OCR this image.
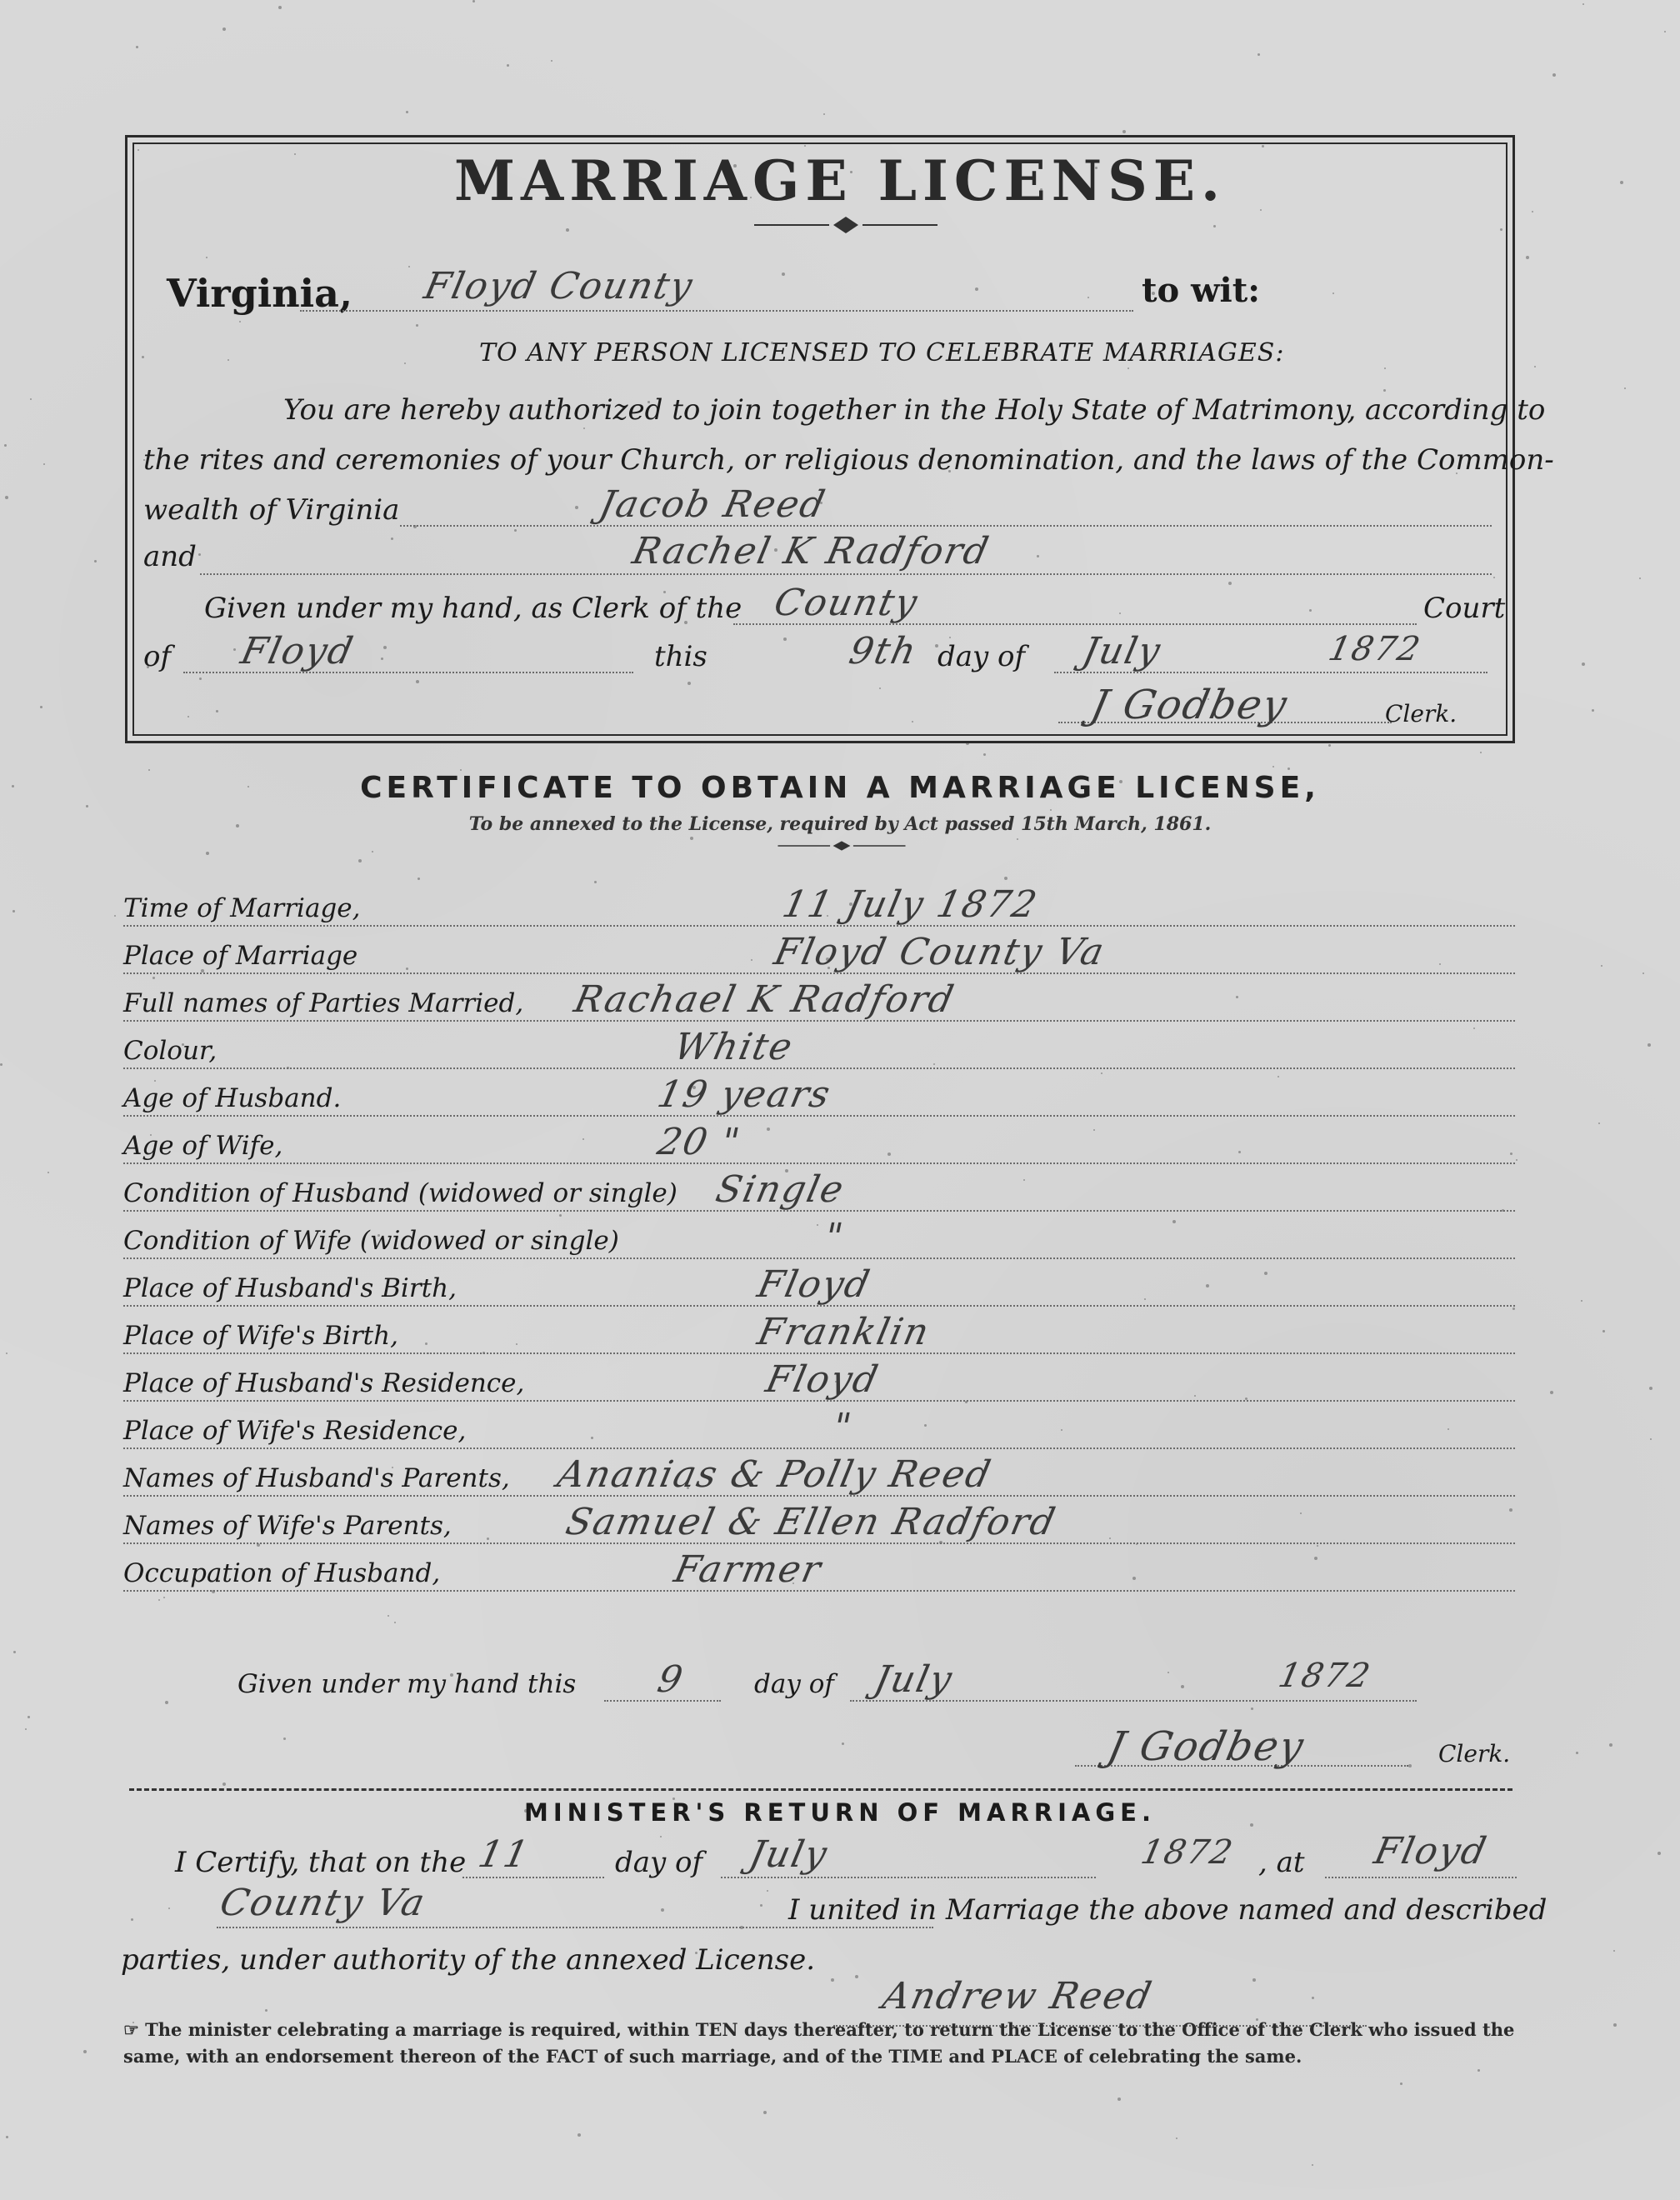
MARRIAGE LICENSE.
Virginia, Floyd County	to wit:
TO ANY PERSON LICENSED TO CELEBRATE MARRIAGES:
You are hereby authorized to join together in the Holy State of Matrimony, according to
the rites and ceremonies of your Church, or religious denomination, and the laws of the Common-
wealth of Virginia	Jacob Reed
and	Rachel K Radford
Given under my hand, as Clerk of the County	Court
of Floyd	this	9th day of July	1872
J Godbey	Clerk.
CERTIFICATE TO OBTAIN A MARRIAGE LICENSE,
To be annexed to the License, required by Act passed 15th March, 1861.
Time of Marriage,	11 July 1872
Place of Marriage	Floyd County Va
Full names of Parties Married, Rachael K Radford
Colour,	White
Age of Husband.	19 years
Age of Wife,	20 "
Condition of Husband (widowed or single) Single
Condition of Wife (widowed or single)	"
Place of Husband's Birth,	Floyd
Place of Wife's Birth,	Franklin
Place of Husband's Residence,	Floyd
Place of Wife's Residence,	"
Names of Husband's Parents, Ananias & Polly Reed
Names of Wife's Parents,	Samuel & Ellen Radford
Occupation of Husband,	Farmer
Given under my hand this 9	day of July	1872
J Godbey	Clerk.
MINISTER'S RETURN OF MARRIAGE.
I Certify, that on the 11	day of July	1872 , at Floyd
County Va	I united in Marriage the above named and described
parties, under authority of the annexed License.
Andrew Reed
☞ The minister celebrating a marriage is required, within TEN days thereafter, to return the License to the Office of the Clerk who issued the same, with an endorsement thereon of the FACT of such marriage, and of the TIME and PLACE of celebrating the same.
